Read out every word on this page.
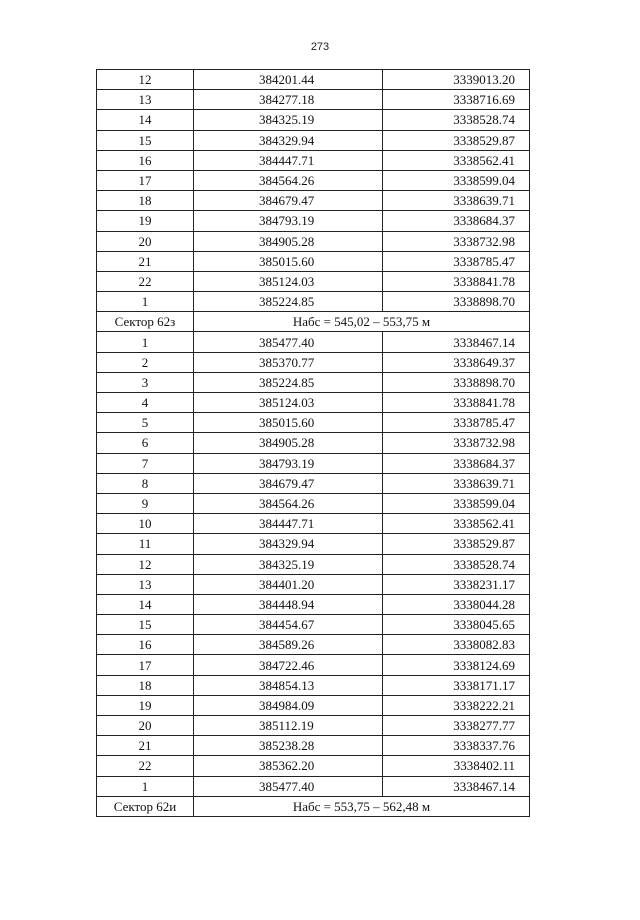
273
12	384201.44	3339013.20
13	384277.18	3338716.69
14	384325.19	3338528.74
15	384329.94	3338529.87
16	384447.71	3338562.41
17	384564.26	3338599.04
18	384679.47	3338639.71
19	384793.19	3338684.37
20	384905.28	3338732.98
21	385015.60	3338785.47
22	385124.03	3338841.78
1	385224.85	3338898.70
Сектор 62з	Набс = 545,02 – 553,75 м	
1	385477.40	3338467.14
2	385370.77	3338649.37
3	385224.85	3338898.70
4	385124.03	3338841.78
5	385015.60	3338785.47
6	384905.28	3338732.98
7	384793.19	3338684.37
8	384679.47	3338639.71
9	384564.26	3338599.04
10	384447.71	3338562.41
11	384329.94	3338529.87
12	384325.19	3338528.74
13	384401.20	3338231.17
14	384448.94	3338044.28
15	384454.67	3338045.65
16	384589.26	3338082.83
17	384722.46	3338124.69
18	384854.13	3338171.17
19	384984.09	3338222.21
20	385112.19	3338277.77
21	385238.28	3338337.76
22	385362.20	3338402.11
1	385477.40	3338467.14
Сектор 62и	Набс = 553,75 – 562,48 м	
